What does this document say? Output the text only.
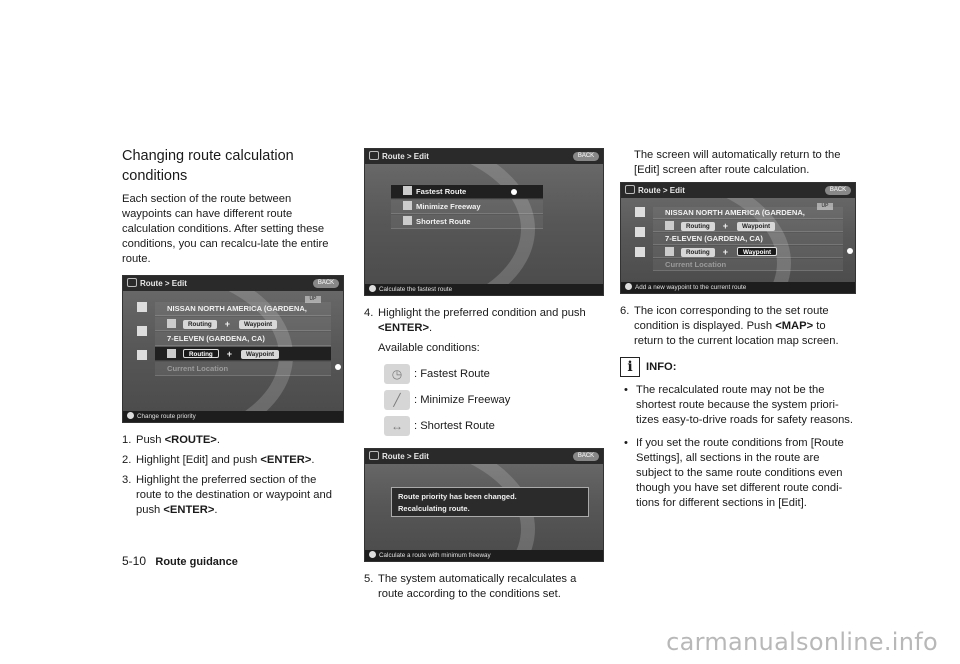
Changing route calculation conditions

Each section of the route between waypoints can have different route calculation conditions. After setting these conditions, you can recalcu-late the entire route.

Route > Edit	BACK
UP
NISSAN NORTH AMERICA (GARDENA,
Routing + Waypoint
7-ELEVEN (GARDENA, CA)
Routing + Waypoint
Current Location
Change route priority
1. Push <ROUTE>.
2. Highlight [Edit] and push <ENTER>.
3. Highlight the preferred section of the route to the destination or waypoint and push <ENTER>.
Route > Edit	BACK
Fastest Route
Minimize Freeway
Shortest Route
Calculate the fastest route
4. Highlight the preferred condition and push <ENTER>.

Available conditions:

◷	: Fastest Route
╱	: Minimize Freeway
↔ : Shortest Route
Route > Edit	BACK
Route priority has been changed.
Recalculating route.
Calculate a route with minimum freeway
5. The system automatically recalculates a route according to the conditions set.

The screen will automatically return to the [Edit] screen after route calculation.

Route > Edit	BACK
UP
NISSAN NORTH AMERICA (GARDENA,
Routing + Waypoint
7-ELEVEN (GARDENA, CA)
Routing + Waypoint
Current Location
Add a new waypoint to the current route
6. The icon corresponding to the set route condition is displayed. Push <MAP> to return to the current location map screen.
i	INFO:
• The recalculated route may not be the shortest route because the system priori-tizes easy-to-drive roads for safety reasons.
• If you set the route conditions from [Route Settings], all sections in the route are subject to the same route conditions even though you have set different route condi-tions for different sections in [Edit].
5-10 Route guidance
carmanualsonline.info
